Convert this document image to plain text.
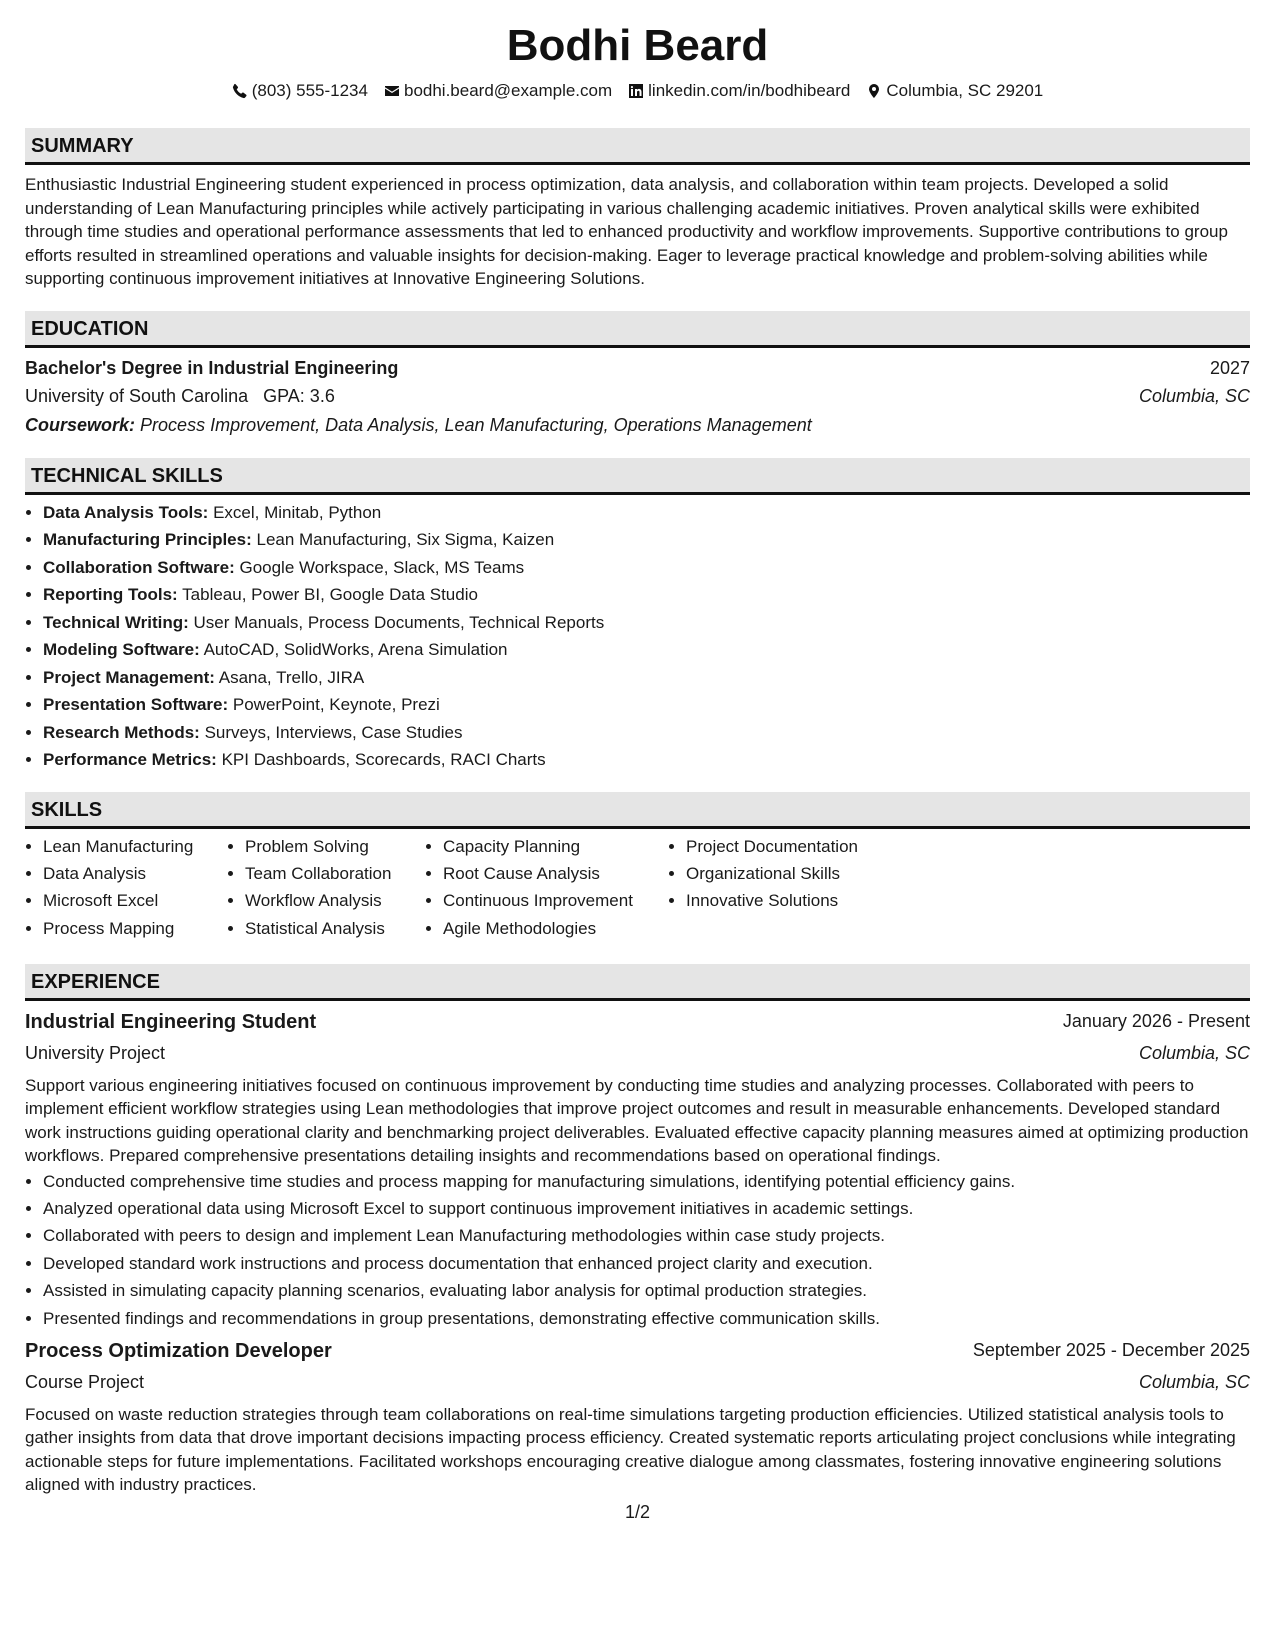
Bodhi Beard
(803) 555-1234 bodhi.beard@example.com linkedin.com/in/bodhibeard Columbia, SC 29201
SUMMARY

Enthusiastic Industrial Engineering student experienced in process optimization, data analysis, and collaboration within team projects. Developed a solid understanding of Lean Manufacturing principles while actively participating in various challenging academic initiatives. Proven analytical skills were exhibited through time studies and operational performance assessments that led to enhanced productivity and workflow improvements. Supportive contributions to group efforts resulted in streamlined operations and valuable insights for decision-making. Eager to leverage practical knowledge and problem-solving abilities while supporting continuous improvement initiatives at Innovative Engineering Solutions.

EDUCATION
Bachelor's Degree in Industrial Engineering	2027
University of South Carolina GPA: 3.6	Columbia, SC
Coursework: Process Improvement, Data Analysis, Lean Manufacturing, Operations Management
TECHNICAL SKILLS
• Data Analysis Tools: Excel, Minitab, Python
• Manufacturing Principles: Lean Manufacturing, Six Sigma, Kaizen
• Collaboration Software: Google Workspace, Slack, MS Teams
• Reporting Tools: Tableau, Power BI, Google Data Studio
• Technical Writing: User Manuals, Process Documents, Technical Reports
• Modeling Software: AutoCAD, SolidWorks, Arena Simulation
• Project Management: Asana, Trello, JIRA
• Presentation Software: PowerPoint, Keynote, Prezi
• Research Methods: Surveys, Interviews, Case Studies
• Performance Metrics: KPI Dashboards, Scorecards, RACI Charts
SKILLS
• Lean Manufacturing
• Data Analysis
• Microsoft Excel
• Process Mapping
• Problem Solving
• Team Collaboration
• Workflow Analysis
• Statistical Analysis
• Capacity Planning
• Root Cause Analysis
• Continuous Improvement
• Agile Methodologies
• Project Documentation
• Organizational Skills
• Innovative Solutions
EXPERIENCE
Industrial Engineering Student	January 2026 - Present
University Project	Columbia, SC

Support various engineering initiatives focused on continuous improvement by conducting time studies and analyzing processes. Collaborated with peers to implement efficient workflow strategies using Lean methodologies that improve project outcomes and result in measurable enhancements. Developed standard work instructions guiding operational clarity and benchmarking project deliverables. Evaluated effective capacity planning measures aimed at optimizing production workflows. Prepared comprehensive presentations detailing insights and recommendations based on operational findings.

• Conducted comprehensive time studies and process mapping for manufacturing simulations, identifying potential efficiency gains.
• Analyzed operational data using Microsoft Excel to support continuous improvement initiatives in academic settings.
• Collaborated with peers to design and implement Lean Manufacturing methodologies within case study projects.
• Developed standard work instructions and process documentation that enhanced project clarity and execution.
• Assisted in simulating capacity planning scenarios, evaluating labor analysis for optimal production strategies.
• Presented findings and recommendations in group presentations, demonstrating effective communication skills.
Process Optimization Developer	September 2025 - December 2025
Course Project	Columbia, SC

Focused on waste reduction strategies through team collaborations on real-time simulations targeting production efficiencies. Utilized statistical analysis tools to gather insights from data that drove important decisions impacting process efficiency. Created systematic reports articulating project conclusions while integrating actionable steps for future implementations. Facilitated workshops encouraging creative dialogue among classmates, fostering innovative engineering solutions aligned with industry practices.

1/2
